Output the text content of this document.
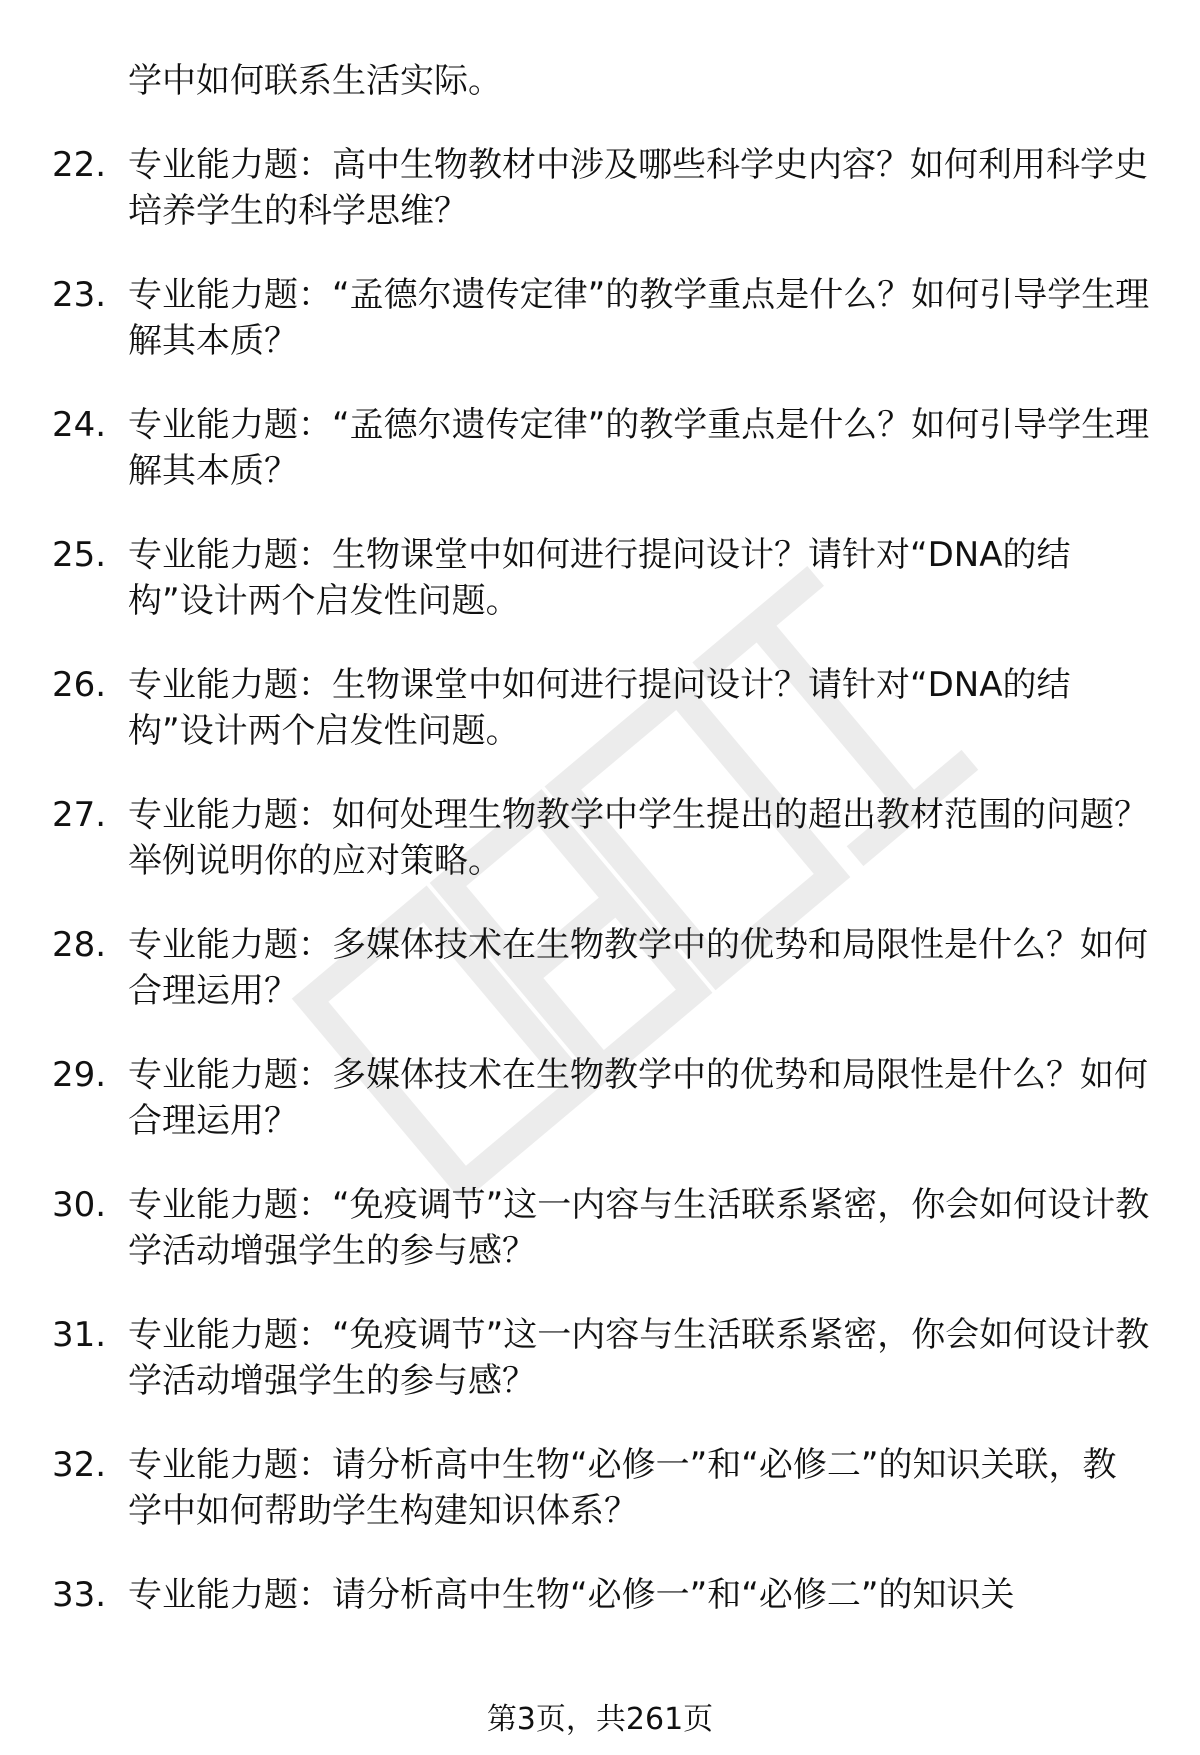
学中如何联系生活实际。
22. 专业能力题：高中生物教材中涉及哪些科学史内容？如何利用科学史培养学生的科学思维？
23. 专业能力题：“孟德尔遗传定律”的教学重点是什么？如何引导学生理解其本质？
24. 专业能力题：“孟德尔遗传定律”的教学重点是什么？如何引导学生理解其本质？
25. 专业能力题：生物课堂中如何进行提问设计？请针对“DNA的结构”设计两个启发性问题。
26. 专业能力题：生物课堂中如何进行提问设计？请针对“DNA的结构”设计两个启发性问题。
27. 专业能力题：如何处理生物教学中学生提出的超出教材范围的问题？举例说明你的应对策略。
28. 专业能力题：多媒体技术在生物教学中的优势和局限性是什么？如何合理运用？
29. 专业能力题：多媒体技术在生物教学中的优势和局限性是什么？如何合理运用？
30. 专业能力题：“免疫调节”这一内容与生活联系紧密，你会如何设计教学活动增强学生的参与感？
31. 专业能力题：“免疫调节”这一内容与生活联系紧密，你会如何设计教学活动增强学生的参与感？
32. 专业能力题：请分析高中生物“必修一”和“必修二”的知识关联，教学中如何帮助学生构建知识体系？
33. 专业能力题：请分析高中生物“必修一”和“必修二”的知识关
第3页，共261页
